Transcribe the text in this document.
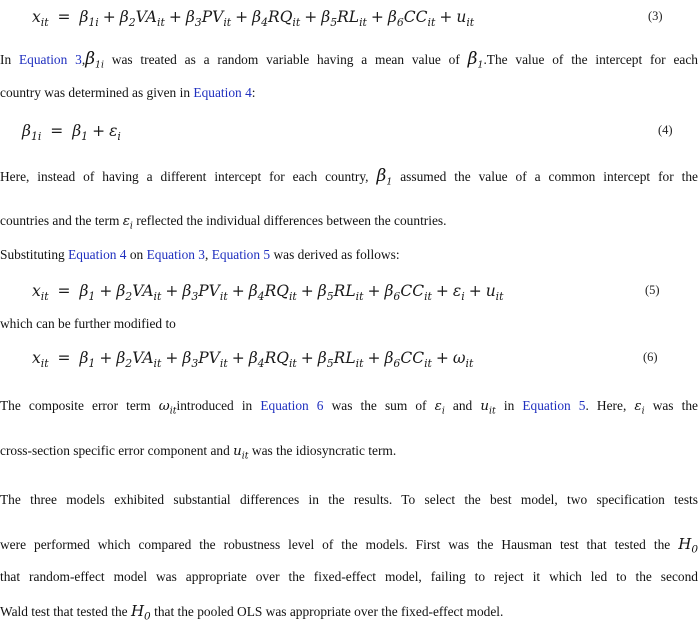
$x_{it} = \beta_{1i} + \beta_2VA_{it} + \beta_3PV_{it} + \beta_4RQ_{it} + \beta_5RL_{it} + \beta_6CC_{it} + u_{it}$	(3)
In Equation $3,\beta_{1i}$ was treated as a random variable having a mean value of $\beta_1.The$ value of the intercept for each
country was determined as given in Equation 4:
$\beta_{1i} = \beta_1 + \varepsilon_i$	(4)
Here, instead of having a different intercept for each country, $\beta_1$ assumed the value of a common intercept for the
countries and the term $\varepsilon_i$ reflected the individual differences between the countries.
Substituting Equation 4 on Equation 3, Equation 5 was derived as follows:
$x_{it} = \beta_1 + \beta_2VA_{it} + \beta_3PV_{it} + \beta_4RQ_{it} + \beta_5RL_{it} + \beta_6CC_{it} + \varepsilon_i + u_{it}$	(5)
which can be further modified to
$x_{it} = \beta_1 + \beta_2VA_{it} + \beta_3PV_{it} + \beta_4RQ_{it} + \beta_5RL_{it} + \beta_6CC_{it} + \omega_{it}$	(6)
The composite error term $\omega_{it}introduced$ in Equation 6 was the sum of $\varepsilon_i$ and $u_{it}$ in Equation 5. Here, $\varepsilon_i$ was the
cross-section specific error component and $u_{it}$ was the idiosyncratic term.
The three models exhibited substantial differences in the results. To select the best model, two specification tests
were performed which compared the robustness level of the models. First was the Hausman test that tested the $H_0$
that random-effect model was appropriate over the fixed-effect model, failing to reject it which led to the second
Wald test that tested the $H_0$ that the pooled OLS was appropriate over the fixed-effect model.
